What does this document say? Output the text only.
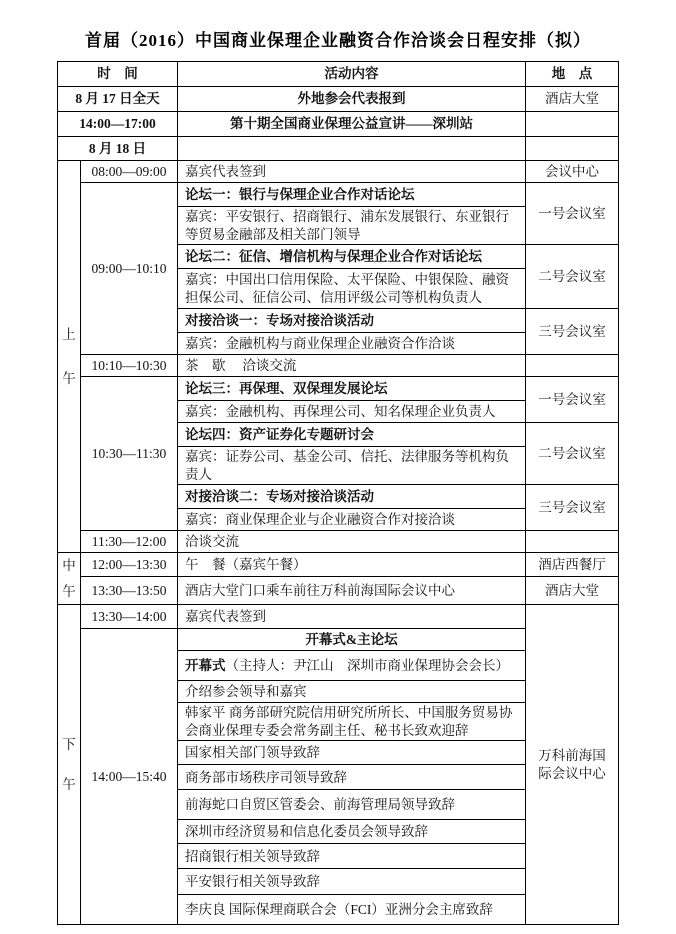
首届（2016）中国商业保理企业融资合作洽谈会日程安排（拟）
时　间		活动内容	地　点
8 月 17 日全天		外地参会代表报到	酒店大堂
14:00—17:00		第十期全国商业保理公益宣讲——深圳站	
8 月 18 日			

上
午	08:00—09:00	嘉宾代表签到	会议中心
	09:00—10:10	论坛一：银行与保理企业合作对话论坛	一号会议室
		嘉宾：平安银行、招商银行、浦东发展银行、东亚银行等贸易金融部及相关部门领导	
		论坛二：征信、增信机构与保理企业合作对话论坛	二号会议室
		嘉宾：中国出口信用保险、太平保险、中银保险、融资担保公司、征信公司、信用评级公司等机构负责人	
		对接洽谈一：专场对接洽谈活动	三号会议室
		嘉宾：金融机构与商业保理企业融资合作洽谈	
	10:10—10:30	茶　歇　 洽谈交流	
	10:30—11:30	论坛三：再保理、双保理发展论坛	一号会议室
		嘉宾：金融机构、再保理公司、知名保理企业负责人	
		论坛四：资产证券化专题研讨会	二号会议室
		嘉宾：证券公司、基金公司、信托、法律服务等机构负责人	
		对接洽谈二：专场对接洽谈活动	三号会议室
		嘉宾：商业保理企业与企业融资合作对接洽谈	
	11:30—12:00	洽谈交流	

中
午	12:00—13:30	午　餐（嘉宾午餐）	酒店西餐厅
	13:30—13:50	酒店大堂门口乘车前往万科前海国际会议中心	酒店大堂

下
午	13:30—14:00	嘉宾代表签到	万科前海国际会议中心
	14:00—15:40	开幕式&主论坛	
		开幕式（主持人：尹江山　深圳市商业保理协会会长）	
		介绍参会领导和嘉宾	
		韩家平 商务部研究院信用研究所所长、中国服务贸易协会商业保理专委会常务副主任、秘书长致欢迎辞	
		国家相关部门领导致辞	
		商务部市场秩序司领导致辞	
		前海蛇口自贸区管委会、前海管理局领导致辞	
		深圳市经济贸易和信息化委员会领导致辞	
		招商银行相关领导致辞	
		平安银行相关领导致辞	
		李庆良 国际保理商联合会（FCI）亚洲分会主席致辞	
